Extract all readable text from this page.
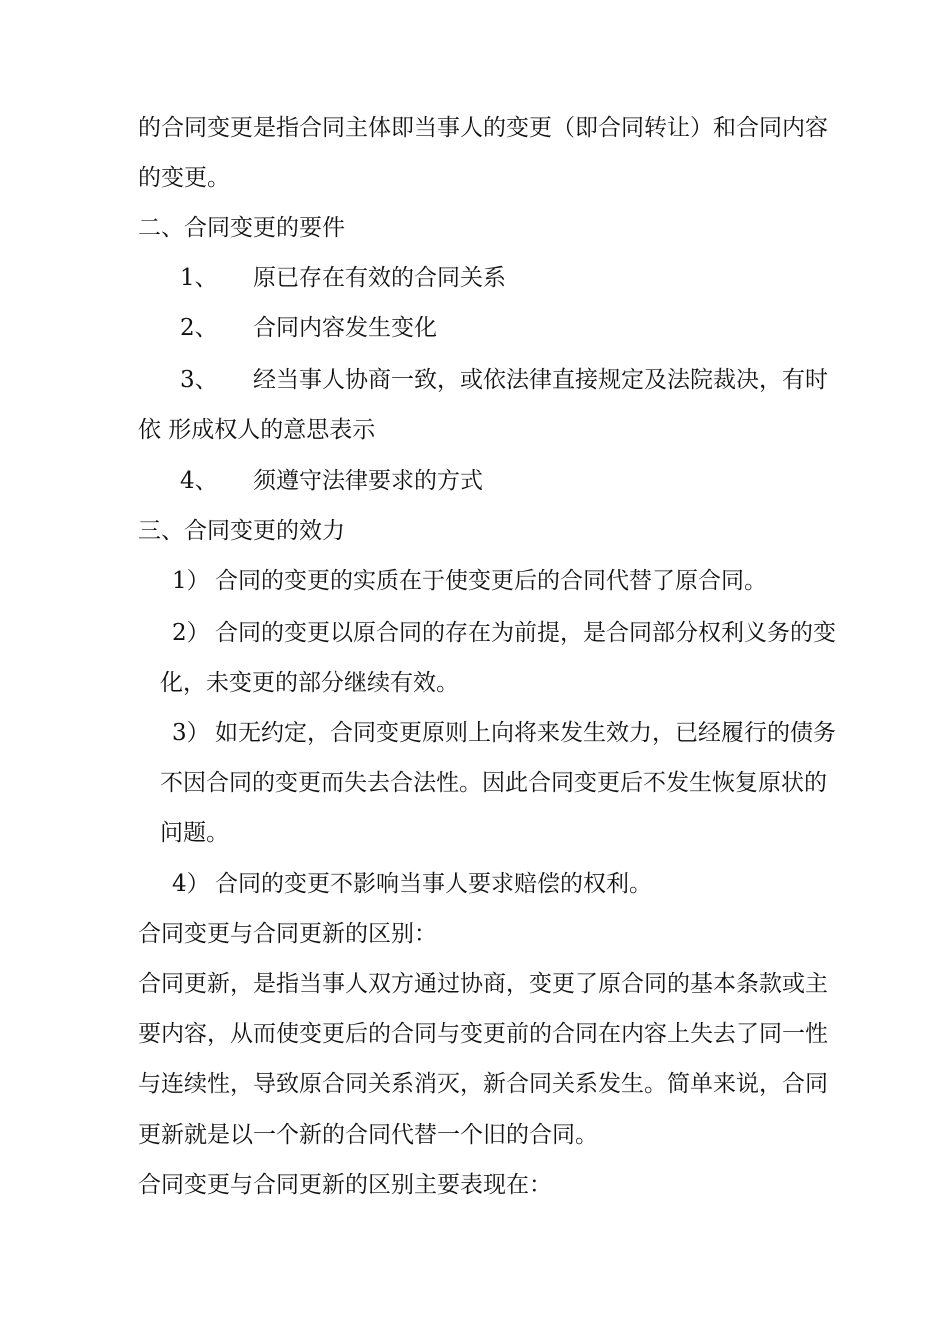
的合同变更是指合同主体即当事人的变更（即合同转让）和合同内容
的变更。
二、合同变更的要件
1、 原已存在有效的合同关系
2、 合同内容发生变化
3、 经当事人协商一致，或依法律直接规定及法院裁决，有时
依 形成权人的意思表示
4、 须遵守法律要求的方式
三、合同变更的效力
1） 合同的变更的实质在于使变更后的合同代替了原合同。
2） 合同的变更以原合同的存在为前提，是合同部分权利义务的变
化，未变更的部分继续有效。
3） 如无约定，合同变更原则上向将来发生效力，已经履行的债务
不因合同的变更而失去合法性。因此合同变更后不发生恢复原状的
问题。
4） 合同的变更不影响当事人要求赔偿的权利。
合同变更与合同更新的区别：
合同更新，是指当事人双方通过协商，变更了原合同的基本条款或主
要内容，从而使变更后的合同与变更前的合同在内容上失去了同一性
与连续性，导致原合同关系消灭，新合同关系发生。简单来说，合同
更新就是以一个新的合同代替一个旧的合同。
合同变更与合同更新的区别主要表现在：
